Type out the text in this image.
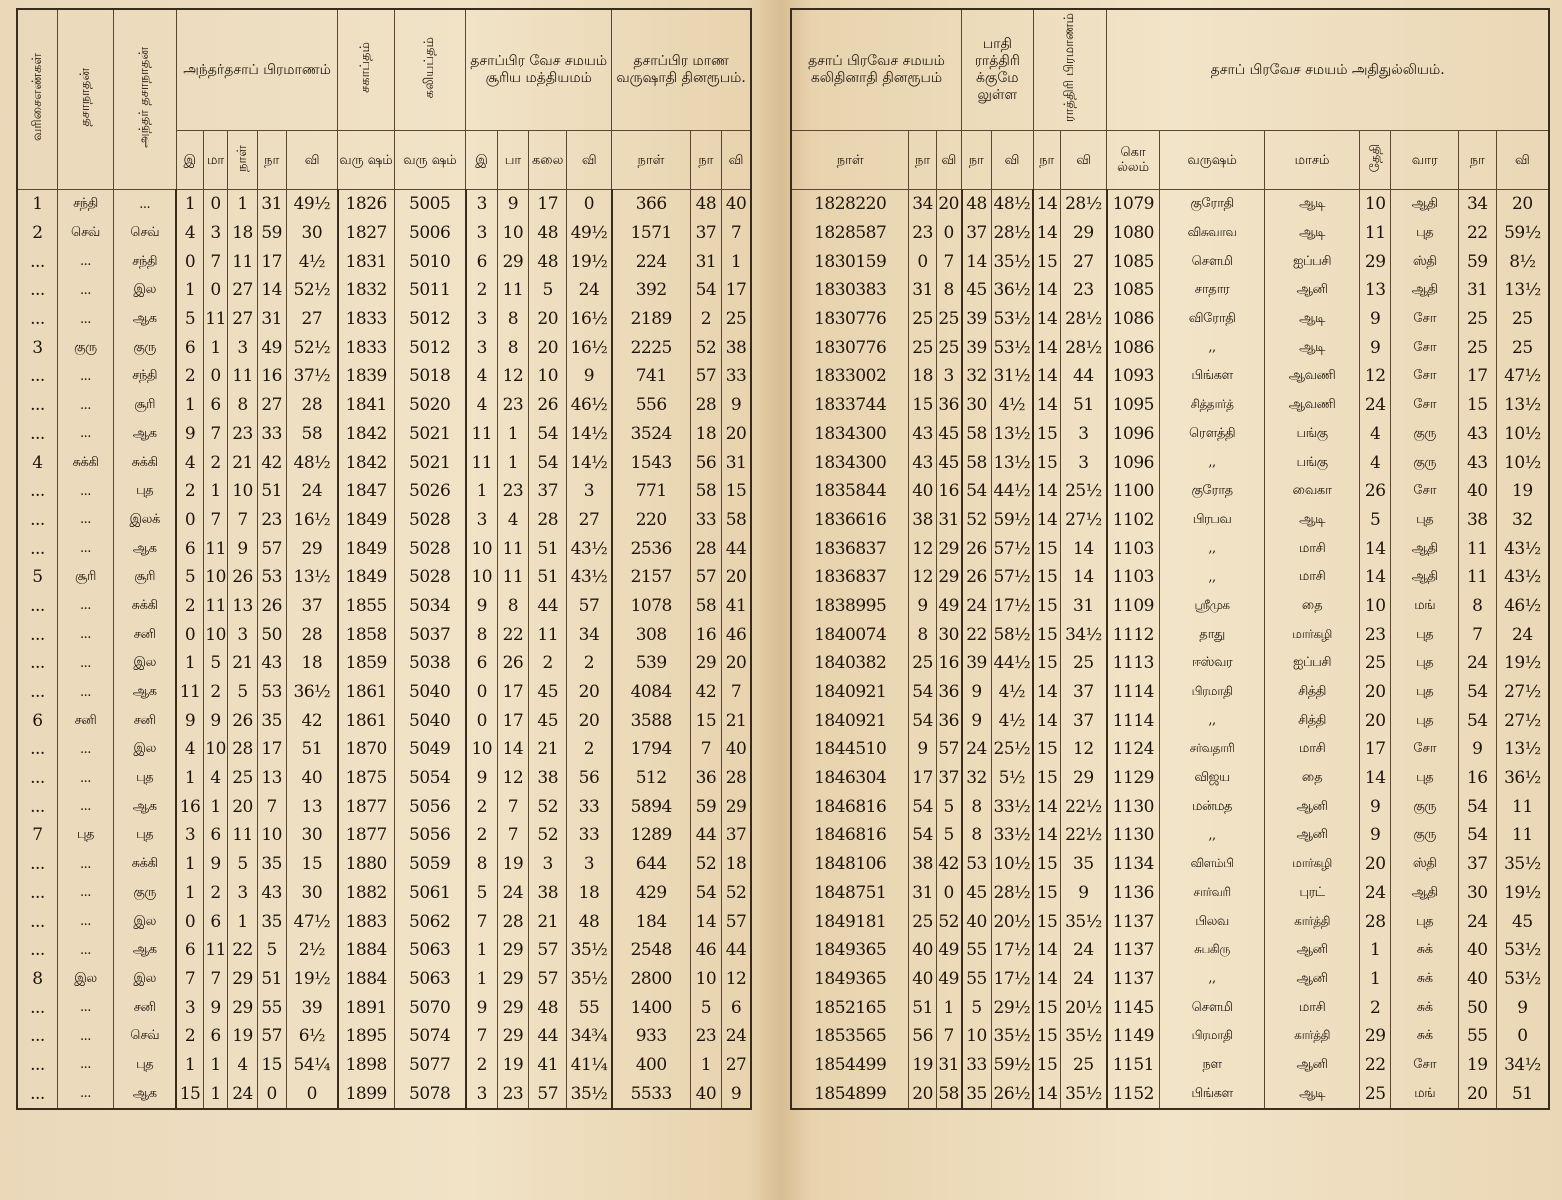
வரிசைஎண்கள்	தசாநாதன்	அந்தர் தசாநாதன்	அந்தர்தசாப் பிரமாணம்					சகாப்தம்	கலியப்தம்	தசாப்பிர வேச சமயம் சூரிய மத்தியமம்				தசாப்பிர மாண வருஷாதி தினரூபம்.		
			இ	மா	நாள்	நா	வி	வரு ஷம்	வரு ஷம்	இ	பா	கலை	வி	நாள்	நா	வி
1	சந்தி	...	1	0	1	31	49½	1826	5005	3	9	17	0	366	48	40
2	செவ்	செவ்	4	3	18	59	30	1827	5006	3	10	48	49½	1571	37	7
...	...	சந்தி	0	7	11	17	4½	1831	5010	6	29	48	19½	224	31	1
...	...	இல	1	0	27	14	52½	1832	5011	2	11	5	24	392	54	17
...	...	ஆக	5	11	27	31	27	1833	5012	3	8	20	16½	2189	2	25
3	குரு	குரு	6	1	3	49	52½	1833	5012	3	8	20	16½	2225	52	38
...	...	சந்தி	2	0	11	16	37½	1839	5018	4	12	10	9	741	57	33
...	...	சூரி	1	6	8	27	28	1841	5020	4	23	26	46½	556	28	9
...	...	ஆக	9	7	23	33	58	1842	5021	11	1	54	14½	3524	18	20
4	சுக்கி	சுக்கி	4	2	21	42	48½	1842	5021	11	1	54	14½	1543	56	31
...	...	புத	2	1	10	51	24	1847	5026	1	23	37	3	771	58	15
...	...	இலக்	0	7	7	23	16½	1849	5028	3	4	28	27	220	33	58
...	...	ஆக	6	11	9	57	29	1849	5028	10	11	51	43½	2536	28	44
5	சூரி	சூரி	5	10	26	53	13½	1849	5028	10	11	51	43½	2157	57	20
...	...	சுக்கி	2	11	13	26	37	1855	5034	9	8	44	57	1078	58	41
...	...	சனி	0	10	3	50	28	1858	5037	8	22	11	34	308	16	46
...	...	இல	1	5	21	43	18	1859	5038	6	26	2	2	539	29	20
...	...	ஆக	11	2	5	53	36½	1861	5040	0	17	45	20	4084	42	7
6	சனி	சனி	9	9	26	35	42	1861	5040	0	17	45	20	3588	15	21
...	...	இல	4	10	28	17	51	1870	5049	10	14	21	2	1794	7	40
...	...	புத	1	4	25	13	40	1875	5054	9	12	38	56	512	36	28
...	...	ஆக	16	1	20	7	13	1877	5056	2	7	52	33	5894	59	29
7	புத	புத	3	6	11	10	30	1877	5056	2	7	52	33	1289	44	37
...	...	சுக்கி	1	9	5	35	15	1880	5059	8	19	3	3	644	52	18
...	...	குரு	1	2	3	43	30	1882	5061	5	24	38	18	429	54	52
...	...	இல	0	6	1	35	47½	1883	5062	7	28	21	48	184	14	57
...	...	ஆக	6	11	22	5	2½	1884	5063	1	29	57	35½	2548	46	44
8	இல	இல	7	7	29	51	19½	1884	5063	1	29	57	35½	2800	10	12
...	...	சனி	3	9	29	55	39	1891	5070	9	29	48	55	1400	5	6
...	...	செவ்	2	6	19	57	6½	1895	5074	7	29	44	34¾	933	23	24
...	...	புத	1	1	4	15	54¼	1898	5077	2	19	41	41¼	400	1	27
...	...	ஆக	15	1	24	0	0	1899	5078	3	23	57	35½	5533	40	9
தசாப் பிரவேச சமயம் கலிதினாதி தினரூபம்			பாதி ராத்திரி க்குமே லுள்ள		ராத்திரி பிரமாணம்		தசாப் பிரவேச சமயம் அதிதுல்லியம்.						
நாள்	நா	வி	நா	வி	நா	வி	கொ ல்லம்	வருஷம்	மாசம்	தேதி	வார	நா	வி
1828220	34	20	48	48½	14	28½	1079	குரோதி	ஆடி	10	ஆதி	34	20
1828587	23	0	37	28½	14	29	1080	விசுவாவ	ஆடி	11	புத	22	59½
1830159	0	7	14	35½	15	27	1085	சௌமி	ஐப்பசி	29	ஸ்தி	59	8½
1830383	31	8	45	36½	14	23	1085	சாதார	ஆனி	13	ஆதி	31	13½
1830776	25	25	39	53½	14	28½	1086	விரோதி	ஆடி	9	சோ	25	25
1830776	25	25	39	53½	14	28½	1086	,,	ஆடி	9	சோ	25	25
1833002	18	3	32	31½	14	44	1093	பிங்கள	ஆவணி	12	சோ	17	47½
1833744	15	36	30	4½	14	51	1095	சித்தார்த்	ஆவணி	24	சோ	15	13½
1834300	43	45	58	13½	15	3	1096	ரௌத்தி	பங்கு	4	குரு	43	10½
1834300	43	45	58	13½	15	3	1096	,,	பங்கு	4	குரு	43	10½
1835844	40	16	54	44½	14	25½	1100	குரோத	வைகா	26	சோ	40	19
1836616	38	31	52	59½	14	27½	1102	பிரபவ	ஆடி	5	புத	38	32
1836837	12	29	26	57½	15	14	1103	,,	மாசி	14	ஆதி	11	43½
1836837	12	29	26	57½	15	14	1103	,,	மாசி	14	ஆதி	11	43½
1838995	9	49	24	17½	15	31	1109	ஸ்ரீமுக	தை	10	மங்	8	46½
1840074	8	30	22	58½	15	34½	1112	தாது	மார்கழி	23	புத	7	24
1840382	25	16	39	44½	15	25	1113	ஈஸ்வர	ஐப்பசி	25	புத	24	19½
1840921	54	36	9	4½	14	37	1114	பிரமாதி	சித்தி	20	புத	54	27½
1840921	54	36	9	4½	14	37	1114	,,	சித்தி	20	புத	54	27½
1844510	9	57	24	25½	15	12	1124	சர்வதாரி	மாசி	17	சோ	9	13½
1846304	17	37	32	5½	15	29	1129	விஜய	தை	14	புத	16	36½
1846816	54	5	8	33½	14	22½	1130	மன்மத	ஆனி	9	குரு	54	11
1846816	54	5	8	33½	14	22½	1130	,,	ஆனி	9	குரு	54	11
1848106	38	42	53	10½	15	35	1134	விளம்பி	மார்கழி	20	ஸ்தி	37	35½
1848751	31	0	45	28½	15	9	1136	சார்வரி	புரட்	24	ஆதி	30	19½
1849181	25	52	40	20½	15	35½	1137	பிலவ	கார்த்தி	28	புத	24	45
1849365	40	49	55	17½	14	24	1137	சுபகிரு	ஆனி	1	சுக்	40	53½
1849365	40	49	55	17½	14	24	1137	,,	ஆனி	1	சுக்	40	53½
1852165	51	1	5	29½	15	20½	1145	சௌமி	மாசி	2	சுக்	50	9
1853565	56	7	10	35½	15	35½	1149	பிரமாதி	கார்த்தி	29	சுக்	55	0
1854499	19	31	33	59½	15	25	1151	நள	ஆனி	22	சோ	19	34½
1854899	20	58	35	26½	14	35½	1152	பிங்கள	ஆடி	25	மங்	20	51
